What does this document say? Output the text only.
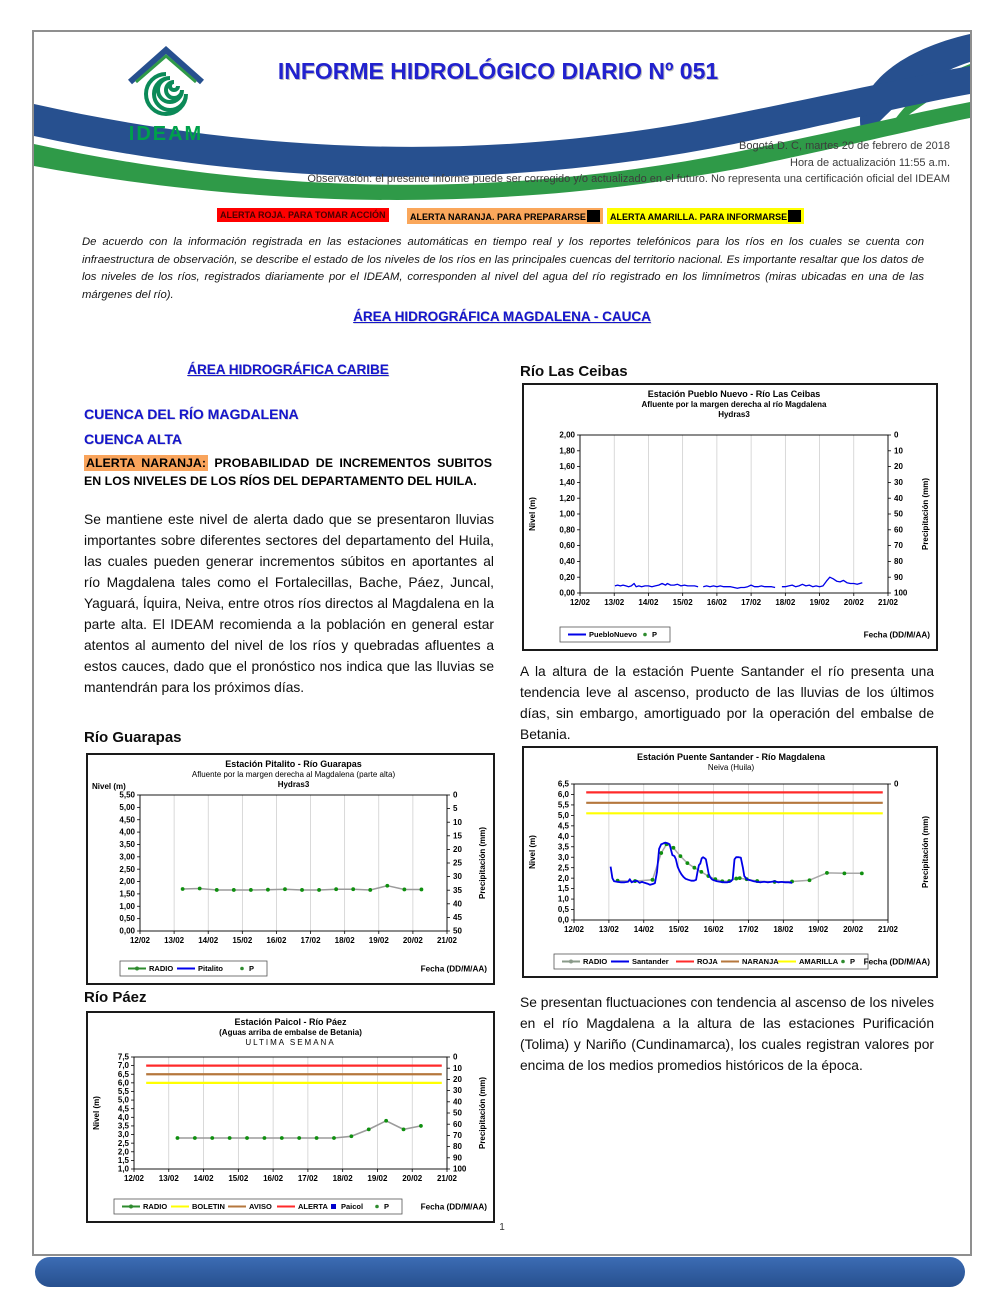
IDEAM
INFORME HIDROLÓGICO DIARIO Nº 051
Bogotá D. C, martes 20 de febrero de 2018
Hora de actualización 11:55 a.m.
Observación: el presente informe puede ser corregido y/o actualizado en el futuro. No representa una certificación oficial del IDEAM
ALERTA ROJA. PARA TOMAR ACCIÓN	ALERTA NARANJA. PARA PREPARARSE	ALERTA AMARILLA. PARA INFORMARSE
De acuerdo con la información registrada en las estaciones automáticas en tiempo real y los reportes telefónicos para los ríos en los cuales se cuenta con infraestructura de observación, se describe el estado de los niveles de los ríos en las principales cuencas del territorio nacional. Es importante resaltar que los datos de los niveles de los ríos, registrados diariamente por el IDEAM, corresponden al nivel del agua del río registrado en los limnímetros (miras ubicadas en una de las márgenes del río).
ÁREA HIDROGRÁFICA MAGDALENA - CAUCA
ÁREA HIDROGRÁFICA CARIBE
CUENCA DEL RÍO MAGDALENA
CUENCA ALTA
ALERTA NARANJA: PROBABILIDAD DE INCREMENTOS SUBITOS EN LOS NIVELES DE LOS RÍOS DEL DEPARTAMENTO DEL HUILA.
Se mantiene este nivel de alerta dado que se presentaron lluvias importantes sobre diferentes sectores del departamento del Huila, las cuales pueden generar incrementos súbitos en aportantes al río Magdalena tales como el Fortalecillas, Bache, Páez, Juncal, Yaguará, Íquira, Neiva, entre otros ríos directos al Magdalena en la parte alta. El IDEAM recomienda a la población en general estar atentos al aumento del nivel de los ríos y quebradas afluentes a estos cauces, dado que el pronóstico nos indica que las lluvias se mantendrán para los próximos días.
Río Guarapas
12/02 13/02 14/02 15/02 16/02 17/02 18/02 19/02 20/02 21/02
5,50
5,00
4,50
4,00
3,50
3,00
2,50
2,00
1,50
1,00
0,50
0,00
0
5
10
15
20
25
30
35
40
45
50
Estación Pitalito - Río Guarapas
Afluente por la margen derecha al Magdalena (parte alta)
Hydras3
Nivel (m)
Precipitación (mm)
RADIO	Pitalito	P	Fecha (DD/M/AA)
Río Páez
12/02 13/02 14/02 15/02 16/02 17/02 18/02 19/02 20/02 21/02
7,5
7,0
6,5
6,0
5,5
5,0
4,5
4,0
3,5
3,0
2,5
2,0
1,5
1,0
0
10
20
30
40
50
60
70
80
90
100
Estación Paicol - Río Páez
(Aguas arriba de embalse de Betania)
ULTIMA SEMANA
Nivel (m)	Precipitación (mm)
RADIO	BOLETIN	AVISO	ALERTA Paicol	P	Fecha (DD/M/AA)
Río Las Ceibas
12/02 13/02 14/02 15/02 16/02 17/02 18/02 19/02 20/02 21/02
2,00
1,80
1,60
1,40
1,20
1,00
0,80
0,60
0,40
0,20
0,00
0
10
20
30
40
50
60
70
80
90
100
Estación Pueblo Nuevo - Río Las Ceibas
Afluente por la margen derecha al río Magdalena
Hydras3
Nivel (m)	Precipitación (mm)
PuebloNuevo P	Fecha (DD/M/AA)
A la altura de la estación Puente Santander el río presenta una tendencia leve al ascenso, producto de las lluvias de los últimos días, sin embargo, amortiguado por la operación del embalse de Betania.
12/02 13/02 14/02 15/02 16/02 17/02 18/02 19/02 20/02 21/02
6,5
6,0
5,5
5,0
4,5
4,0
3,5
3,0
2,5
2,0
1,5
1,0
0,5
0,0
0
Estación Puente Santander - Río Magdalena
Neiva (Huila)
Nivel (m)	Precipitación (mm)
RADIO	Santander	ROJA	NARANJA	AMARILLA P Fecha (DD/M/AA)
Se presentan fluctuaciones con tendencia al ascenso de los niveles en el río Magdalena a la altura de las estaciones Purificación (Tolima) y Nariño (Cundinamarca), los cuales registran valores por encima de los medios promedios históricos de la época.
1
